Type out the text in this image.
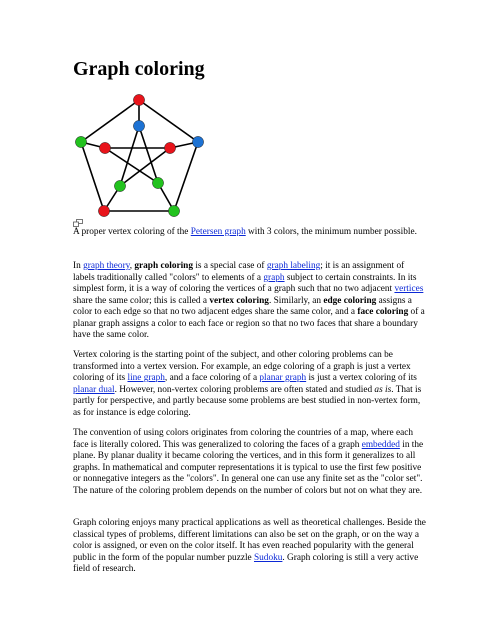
Graph coloring

A proper vertex coloring of the Petersen graph with 3 colors, the minimum number possible.

In graph theory, graph coloring is a special case of graph labeling; it is an assignment of labels traditionally called "colors" to elements of a graph subject to certain constraints. In its simplest form, it is a way of coloring the vertices of a graph such that no two adjacent vertices share the same color; this is called a vertex coloring. Similarly, an edge coloring assigns a color to each edge so that no two adjacent edges share the same color, and a face coloring of a planar graph assigns a color to each face or region so that no two faces that share a boundary have the same color.

Vertex coloring is the starting point of the subject, and other coloring problems can be transformed into a vertex version. For example, an edge coloring of a graph is just a vertex coloring of its line graph, and a face coloring of a planar graph is just a vertex coloring of its planar dual. However, non-vertex coloring problems are often stated and studied as is. That is partly for perspective, and partly because some problems are best studied in non-vertex form, as for instance is edge coloring.

The convention of using colors originates from coloring the countries of a map, where each face is literally colored. This was generalized to coloring the faces of a graph embedded in the plane. By planar duality it became coloring the vertices, and in this form it generalizes to all graphs. In mathematical and computer representations it is typical to use the first few positive or nonnegative integers as the "colors". In general one can use any finite set as the "color set". The nature of the coloring problem depends on the number of colors but not on what they are.

Graph coloring enjoys many practical applications as well as theoretical challenges. Beside the classical types of problems, different limitations can also be set on the graph, or on the way a color is assigned, or even on the color itself. It has even reached popularity with the general public in the form of the popular number puzzle Sudoku. Graph coloring is still a very active field of research.
